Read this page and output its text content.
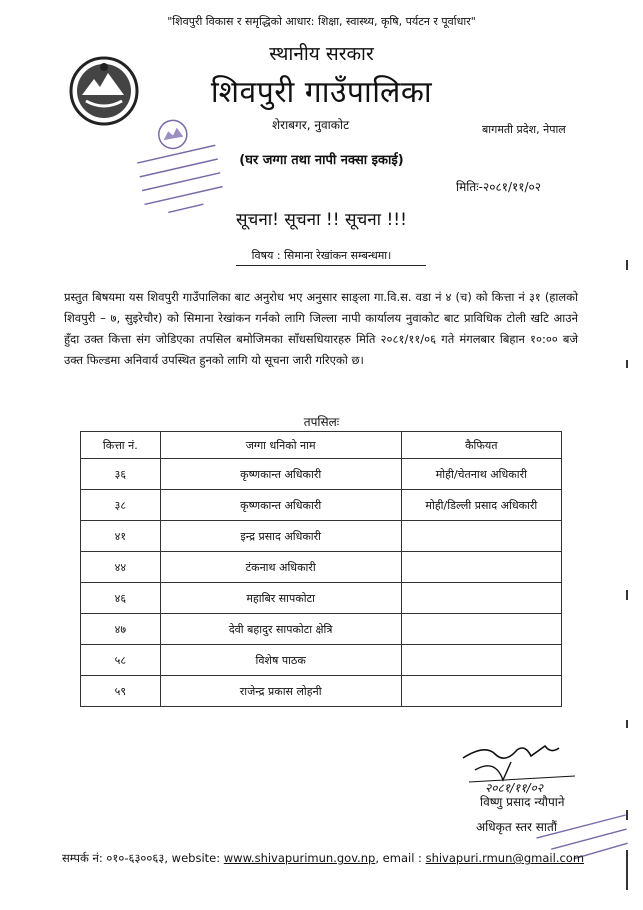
"शिवपुरी विकास र समृद्धिको आधार: शिक्षा, स्वास्थ्य, कृषि, पर्यटन र पूर्वाधार"
स्थानीय सरकार
शिवपुरी गाउँपालिका
शेराबगर, नुवाकोट	बागमती प्रदेश, नेपाल
(घर जग्गा तथा नापी नक्सा इकाई)
मितिः-२०८१/११/०२
सूचना! सूचना !! सूचना !!!
विषय : सिमाना रेखांकन सम्बन्धमा।
प्रस्तुत बिषयमा यस शिवपुरी गाउँपालिका बाट अनुरोध भए अनुसार साङ्ला गा.वि.स. वडा नं ४ (च) को कित्ता नं ३१ (हालको शिवपुरी – ७, सुइरेचौर) को सिमाना रेखांकन गर्नको लागि जिल्ला नापी कार्यालय नुवाकोट बाट प्राविधिक टोली खटि आउने हुँदा उक्त कित्ता संग जोडिएका तपसिल बमोजिमका साँधसधियारहरु मिति २०८१/११/०६ गते मंगलबार बिहान १०:०० बजे उक्त फिल्डमा अनिवार्य उपस्थित हुनको लागि यो सूचना जारी गरिएको छ।
तपसिलः
कित्ता नं.	जग्गा धनिको नाम	कैफियत
३६	कृष्णकान्त अधिकारी	मोही/चेतनाथ अधिकारी
३८	कृष्णकान्त अधिकारी	मोही/डिल्ली प्रसाद अधिकारी
४१	इन्द्र प्रसाद अधिकारी	
४४	टंकनाथ अधिकारी	
४६	महाबिर सापकोटा	
४७	देवी बहादुर सापकोटा क्षेत्रि	
५८	विशेष पाठक	
५९	राजेन्द्र प्रकास लोहनी	
२०८१/११/०२
विष्णु प्रसाद न्यौपाने
अधिकृत स्तर सातौं
सम्पर्क नं: ०१०-६३००६३, website: www.shivapurimun.gov.np, email : shivapuri.rmun@gmail.com
